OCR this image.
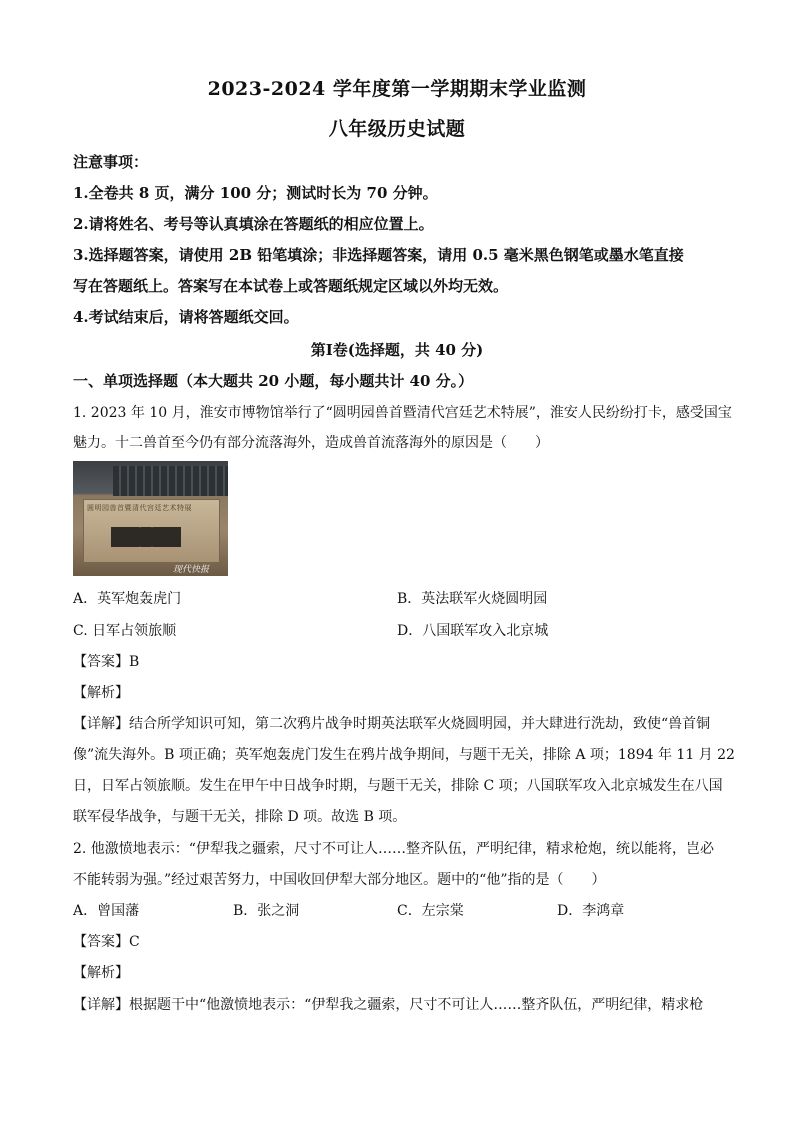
2023-2024 学年度第一学期期末学业监测
八年级历史试题
注意事项：
1.全卷共 8 页，满分 100 分；测试时长为 70 分钟。
2.请将姓名、考号等认真填涂在答题纸的相应位置上。
3.选择题答案，请使用 2B 铅笔填涂；非选择题答案，请用 0.5 毫米黑色钢笔或墨水笔直接
写在答题纸上。答案写在本试卷上或答题纸规定区域以外均无效。
4.考试结束后，请将答题纸交回。
第Ⅰ卷(选择题，共 40 分)
一、单项选择题（本大题共 20 小题，每小题共计 40 分。）
1. 2023 年 10 月，淮安市博物馆举行了“圆明园兽首暨清代宫廷艺术特展”，淮安人民纷纷打卡，感受国宝
魅力。十二兽首至今仍有部分流落海外，造成兽首流落海外的原因是（　　）
圆明园兽首暨清代宫廷艺术特展
现代快报
A．英军炮轰虎门	B．英法联军火烧圆明园
C. 日军占领旅顺	D．八国联军攻入北京城
【答案】B
【解析】
【详解】结合所学知识可知，第二次鸦片战争时期英法联军火烧圆明园，并大肆进行洗劫，致使“兽首铜
像”流失海外。B 项正确；英军炮轰虎门发生在鸦片战争期间，与题干无关，排除 A 项；1894 年 11 月 22
日，日军占领旅顺。发生在甲午中日战争时期，与题干无关，排除 C 项；八国联军攻入北京城发生在八国
联军侵华战争，与题干无关，排除 D 项。故选 B 项。
2. 他激愤地表示：“伊犁我之疆索，尺寸不可让人……整齐队伍，严明纪律，精求枪炮，统以能将，岂必
不能转弱为强。”经过艰苦努力，中国收回伊犁大部分地区。题中的“他”指的是（　　）
A．曾国藩	B．张之洞	C．左宗棠	D．李鸿章
【答案】C
【解析】
【详解】根据题干中“他激愤地表示：“伊犁我之疆索，尺寸不可让人……整齐队伍，严明纪律，精求枪
